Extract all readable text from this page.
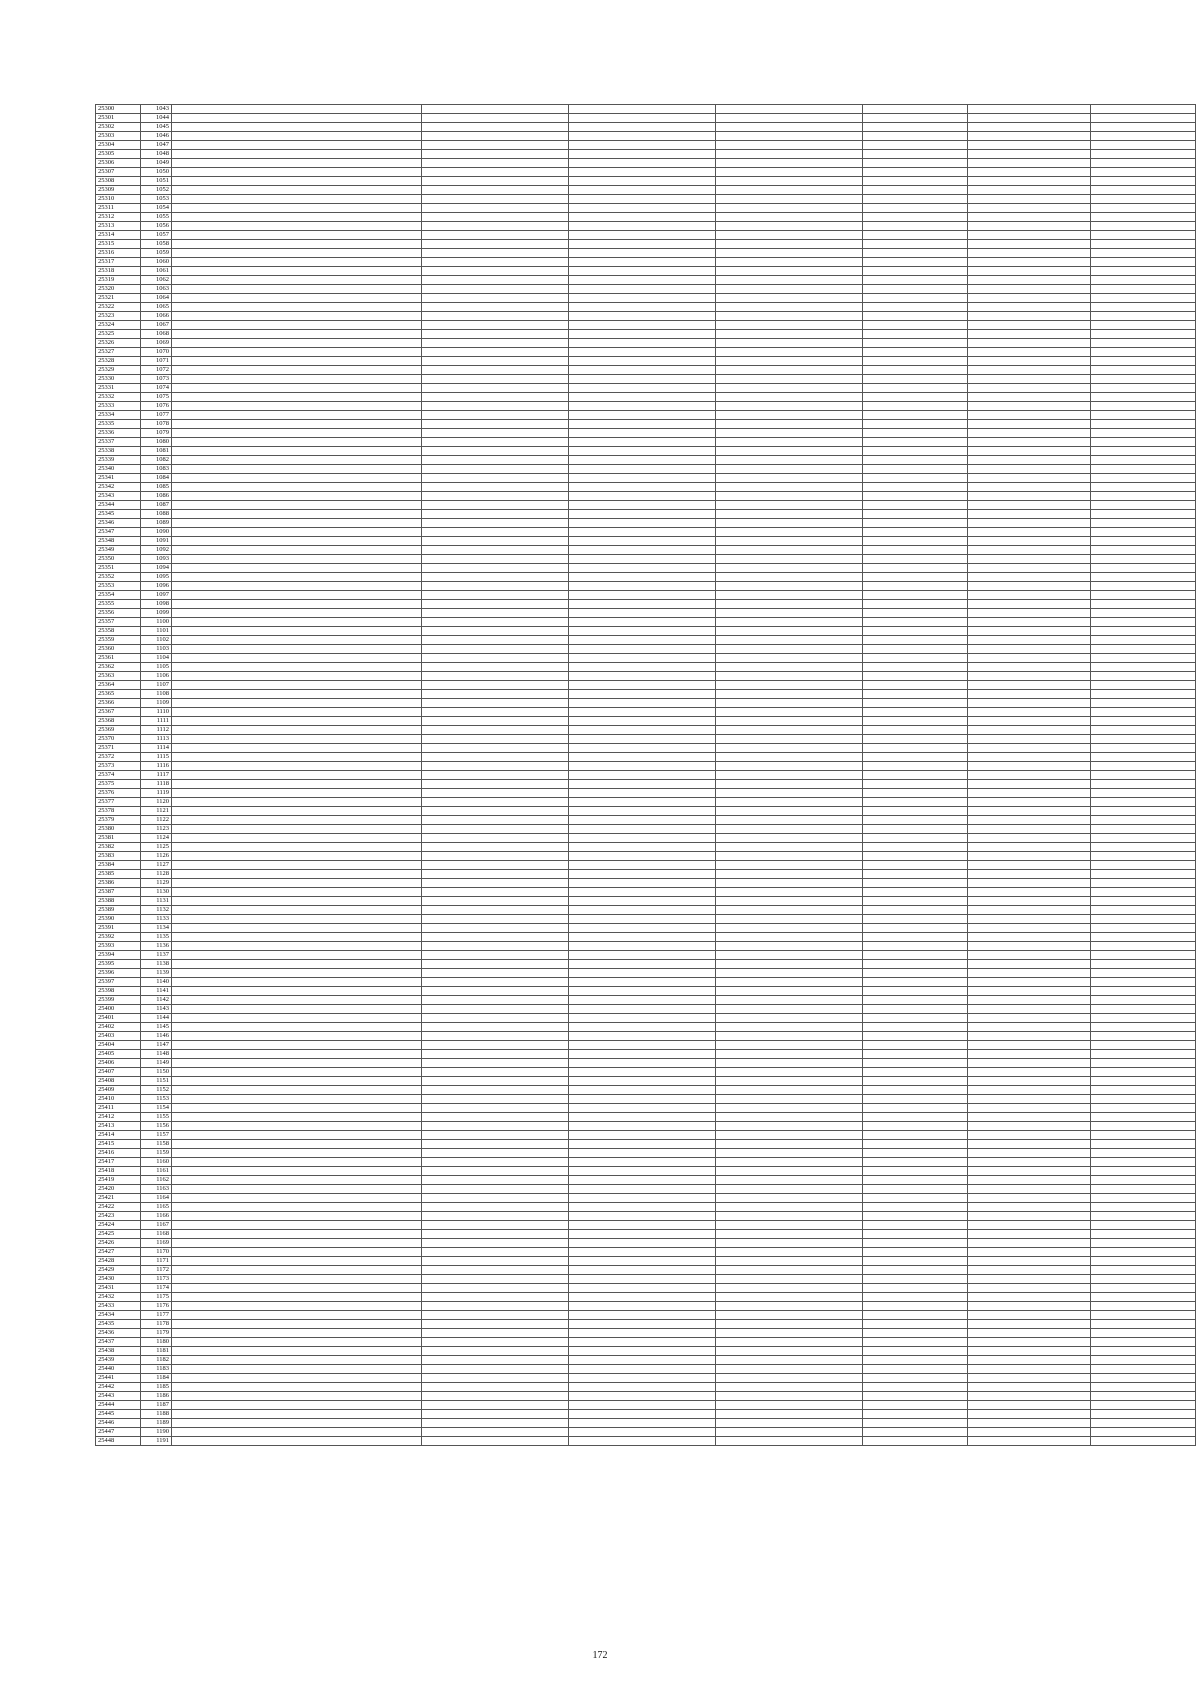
25300	1043							
25301	1044							
25302	1045							
25303	1046							
25304	1047							
25305	1048							
25306	1049							
25307	1050							
25308	1051							
25309	1052							
25310	1053							
25311	1054							
25312	1055							
25313	1056							
25314	1057							
25315	1058							
25316	1059							
25317	1060							
25318	1061							
25319	1062							
25320	1063							
25321	1064							
25322	1065							
25323	1066							
25324	1067							
25325	1068							
25326	1069							
25327	1070							
25328	1071							
25329	1072							
25330	1073							
25331	1074							
25332	1075							
25333	1076							
25334	1077							
25335	1078							
25336	1079							
25337	1080							
25338	1081							
25339	1082							
25340	1083							
25341	1084							
25342	1085							
25343	1086							
25344	1087							
25345	1088							
25346	1089							
25347	1090							
25348	1091							
25349	1092							
25350	1093							
25351	1094							
25352	1095							
25353	1096							
25354	1097							
25355	1098							
25356	1099							
25357	1100							
25358	1101							
25359	1102							
25360	1103							
25361	1104							
25362	1105							
25363	1106							
25364	1107							
25365	1108							
25366	1109							
25367	1110							
25368	1111							
25369	1112							
25370	1113							
25371	1114							
25372	1115							
25373	1116							
25374	1117							
25375	1118							
25376	1119							
25377	1120							
25378	1121							
25379	1122							
25380	1123							
25381	1124							
25382	1125							
25383	1126							
25384	1127							
25385	1128							
25386	1129							
25387	1130							
25388	1131							
25389	1132							
25390	1133							
25391	1134							
25392	1135							
25393	1136							
25394	1137							
25395	1138							
25396	1139							
25397	1140							
25398	1141							
25399	1142							
25400	1143							
25401	1144							
25402	1145							
25403	1146							
25404	1147							
25405	1148							
25406	1149							
25407	1150							
25408	1151							
25409	1152							
25410	1153							
25411	1154							
25412	1155							
25413	1156							
25414	1157							
25415	1158							
25416	1159							
25417	1160							
25418	1161							
25419	1162							
25420	1163							
25421	1164							
25422	1165							
25423	1166							
25424	1167							
25425	1168							
25426	1169							
25427	1170							
25428	1171							
25429	1172							
25430	1173							
25431	1174							
25432	1175							
25433	1176							
25434	1177							
25435	1178							
25436	1179							
25437	1180							
25438	1181							
25439	1182							
25440	1183							
25441	1184							
25442	1185							
25443	1186							
25444	1187							
25445	1188							
25446	1189							
25447	1190							
25448	1191							
172
